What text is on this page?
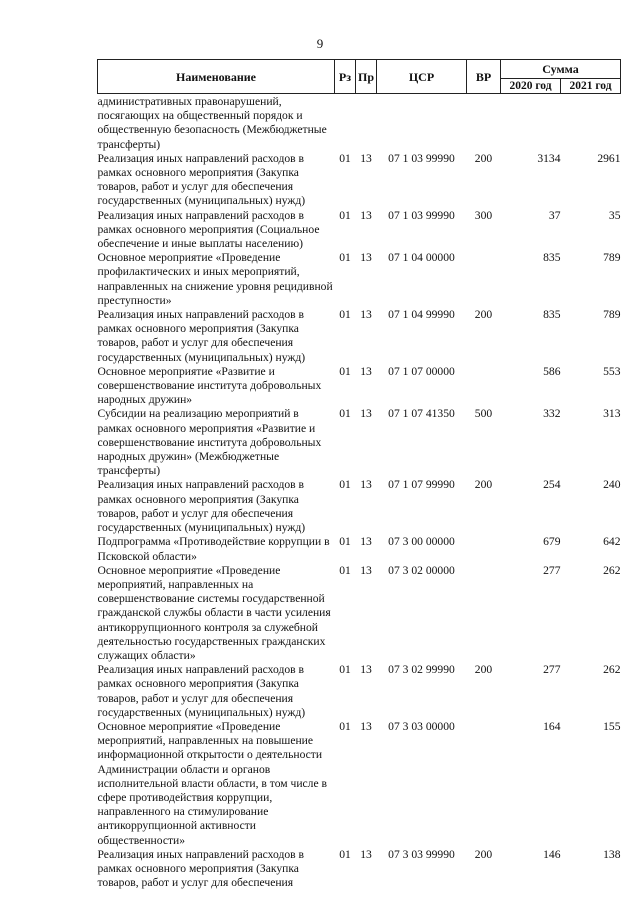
9
Наименование	Рз	Пр	ЦСР	ВР	Сумма	
					2020 год	2021 год
административных правонарушений, посягающих на общественный порядок и общественную безопасность (Межбюджетные трансферты)						
Реализация иных направлений расходов в рамках основного мероприятия (Закупка товаров, работ и услуг для обеспечения государственных (муниципальных) нужд)	01	13	07 1 03 99990	200	3134	2961
Реализация иных направлений расходов в рамках основного мероприятия (Социальное обеспечение и иные выплаты населению)	01	13	07 1 03 99990	300	37	35
Основное мероприятие «Проведение профилактических и иных мероприятий, направленных на снижение уровня рецидивной преступности»	01	13	07 1 04 00000		835	789
Реализация иных направлений расходов в рамках основного мероприятия (Закупка товаров, работ и услуг для обеспечения государственных (муниципальных) нужд)	01	13	07 1 04 99990	200	835	789
Основное мероприятие «Развитие и совершенствование института добровольных народных дружин»	01	13	07 1 07 00000		586	553
Субсидии на реализацию мероприятий в рамках основного мероприятия «Развитие и совершенствование института добровольных народных дружин» (Межбюджетные трансферты)	01	13	07 1 07 41350	500	332	313
Реализация иных направлений расходов в рамках основного мероприятия (Закупка товаров, работ и услуг для обеспечения государственных (муниципальных) нужд)	01	13	07 1 07 99990	200	254	240
Подпрограмма «Противодействие коррупции в Псковской области»	01	13	07 3 00 00000		679	642
Основное мероприятие «Проведение мероприятий, направленных на совершенствование системы государственной гражданской службы области в части усиления антикоррупционного контроля за служебной деятельностью государственных гражданских служащих области»	01	13	07 3 02 00000		277	262
Реализация иных направлений расходов в рамках основного мероприятия (Закупка товаров, работ и услуг для обеспечения государственных (муниципальных) нужд)	01	13	07 3 02 99990	200	277	262
Основное мероприятие «Проведение мероприятий, направленных на повышение информационной открытости о деятельности Администрации области и органов исполнительной власти области, в том числе в сфере противодействия коррупции, направленного на стимулирование антикоррупционной активности общественности»	01	13	07 3 03 00000		164	155
Реализация иных направлений расходов в рамках основного мероприятия (Закупка товаров, работ и услуг для обеспечения	01	13	07 3 03 99990	200	146	138
